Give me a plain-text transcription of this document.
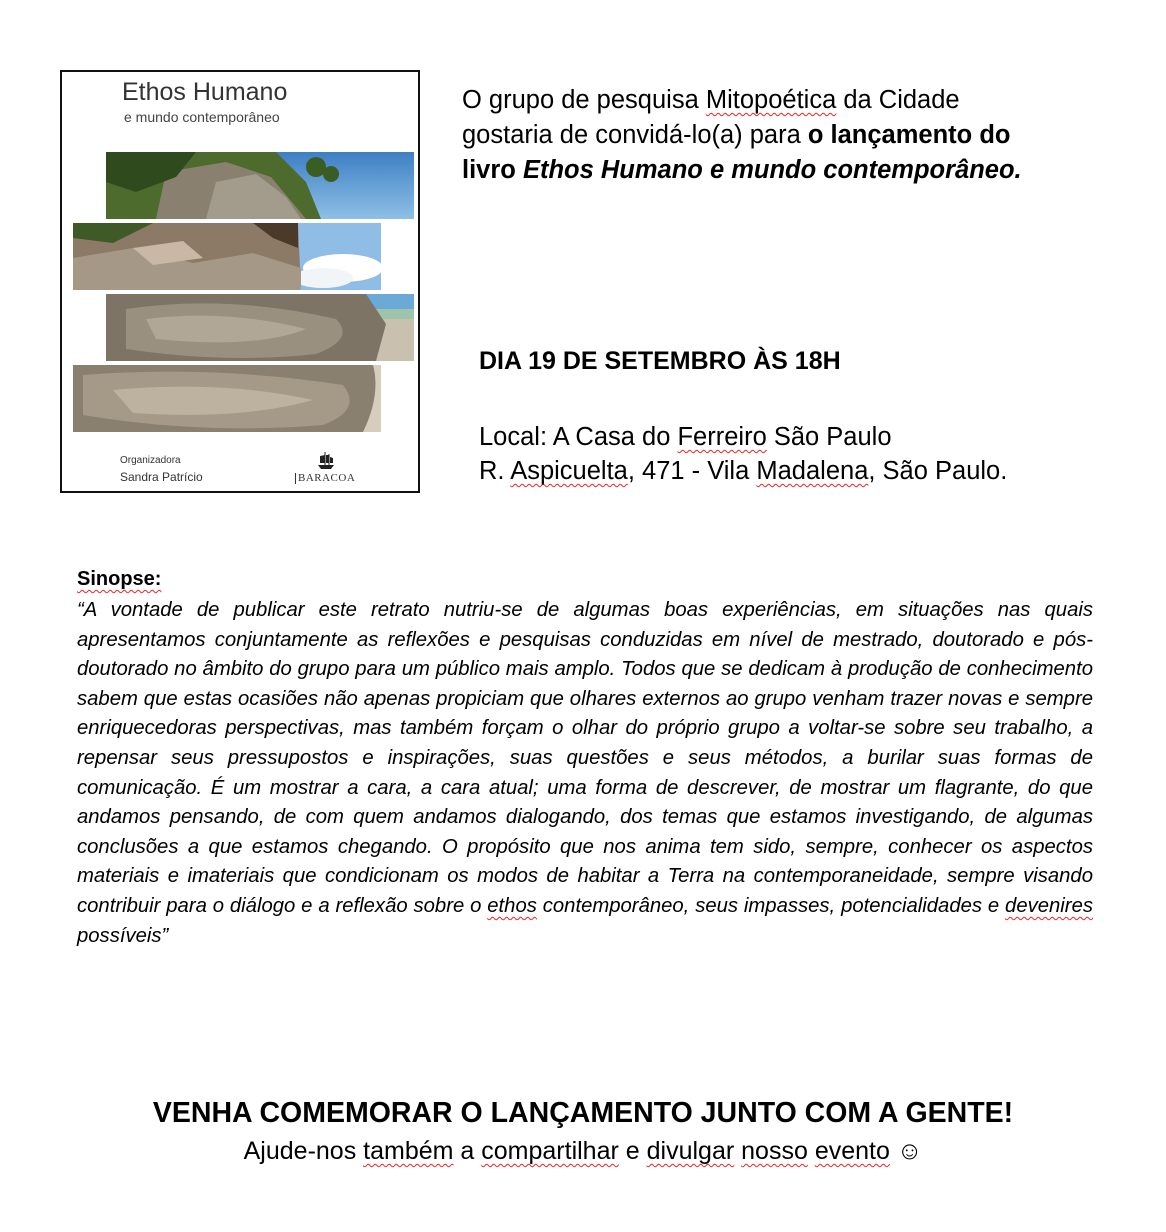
Ethos Humano
e mundo contemporâneo
Organizadora
Sandra Patrício	BARACOA
O grupo de pesquisa Mitopoética da Cidade
gostaria de convidá-lo(a) para o lançamento do
livro Ethos Humano e mundo contemporâneo.
DIA 19 DE SETEMBRO ÀS 18H
Local: A Casa do Ferreiro São Paulo
R. Aspicuelta, 471 - Vila Madalena, São Paulo.
Sinopse:

“A vontade de publicar este retrato nutriu-se de algumas boas experiências, em situações nas quais apresentamos conjuntamente as reflexões e pesquisas conduzidas em nível de mestrado, doutorado e pós-doutorado no âmbito do grupo para um público mais amplo. Todos que se dedicam à produção de conhecimento sabem que estas ocasiões não apenas propiciam que olhares externos ao grupo venham trazer novas e sempre enriquecedoras perspectivas, mas também forçam o olhar do próprio grupo a voltar-se sobre seu trabalho, a repensar seus pressupostos e inspirações, suas questões e seus métodos, a burilar suas formas de comunicação. É um mostrar a cara, a cara atual; uma forma de descrever, de mostrar um flagrante, do que andamos pensando, de com quem andamos dialogando, dos temas que estamos investigando, de algumas conclusões a que estamos chegando. O propósito que nos anima tem sido, sempre, conhecer os aspectos materiais e imateriais que condicionam os modos de habitar a Terra na contemporaneidade, sempre visando contribuir para o diálogo e a reflexão sobre o ethos contemporâneo, seus impasses, potencialidades e devenires possíveis”

VENHA COMEMORAR O LANÇAMENTO JUNTO COM A GENTE!
Ajude-nos também a compartilhar e divulgar nosso evento ☺
